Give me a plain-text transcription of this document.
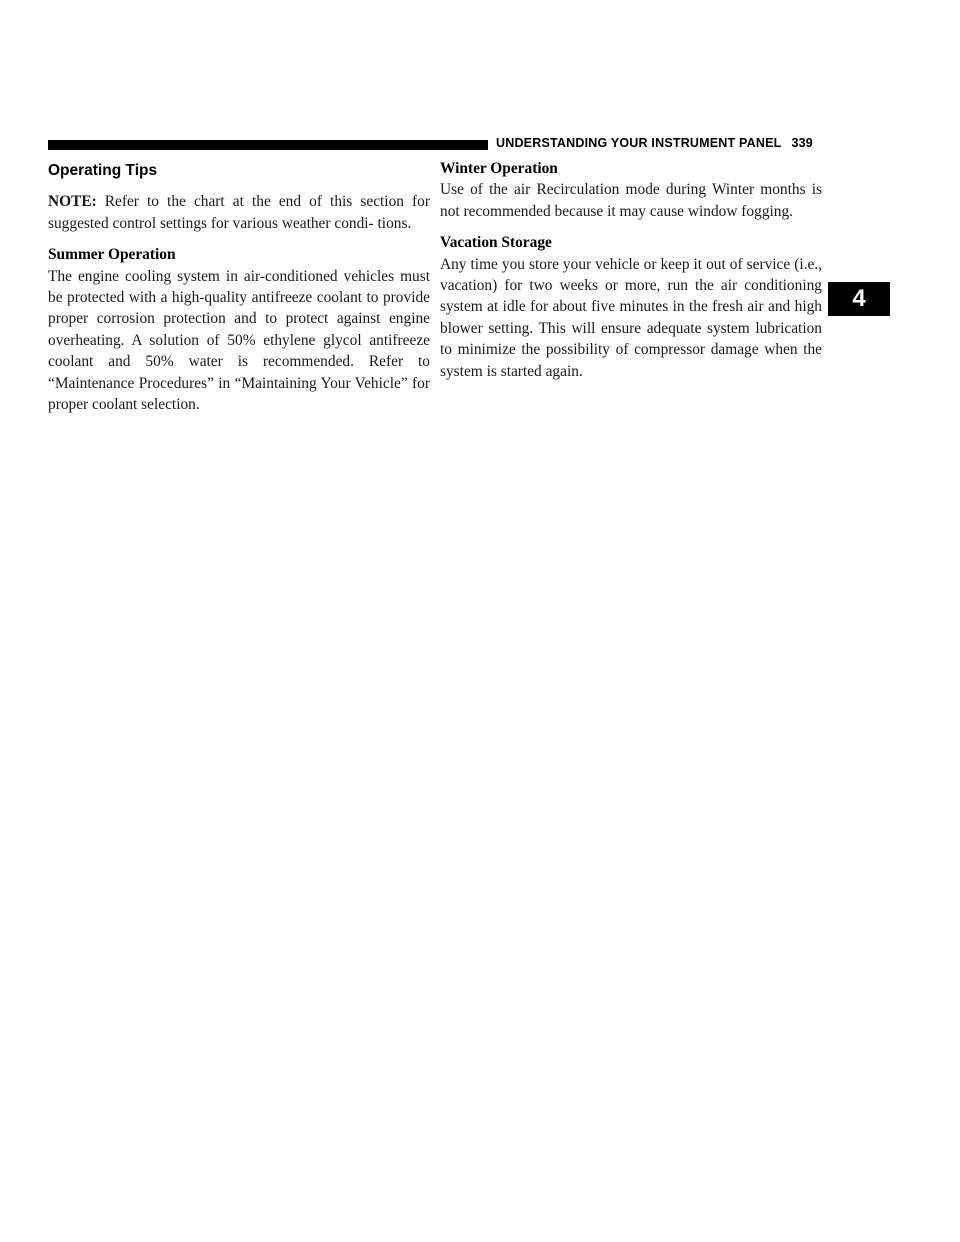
UNDERSTANDING YOUR INSTRUMENT PANEL 339
4
Operating Tips

NOTE: Refer to the chart at the end of this section for suggested control settings for various weather condi- tions.

Summer Operation

The engine cooling system in air-conditioned vehicles must be protected with a high-quality antifreeze coolant to provide proper corrosion protection and to protect against engine overheating. A solution of 50% ethylene glycol antifreeze coolant and 50% water is recommended. Refer to “Maintenance Procedures” in “Maintaining Your Vehicle” for proper coolant selection.

Winter Operation

Use of the air Recirculation mode during Winter months is not recommended because it may cause window fogging.

Vacation Storage

Any time you store your vehicle or keep it out of service (i.e., vacation) for two weeks or more, run the air conditioning system at idle for about five minutes in the fresh air and high blower setting. This will ensure adequate system lubrication to minimize the possibility of compressor damage when the system is started again.
